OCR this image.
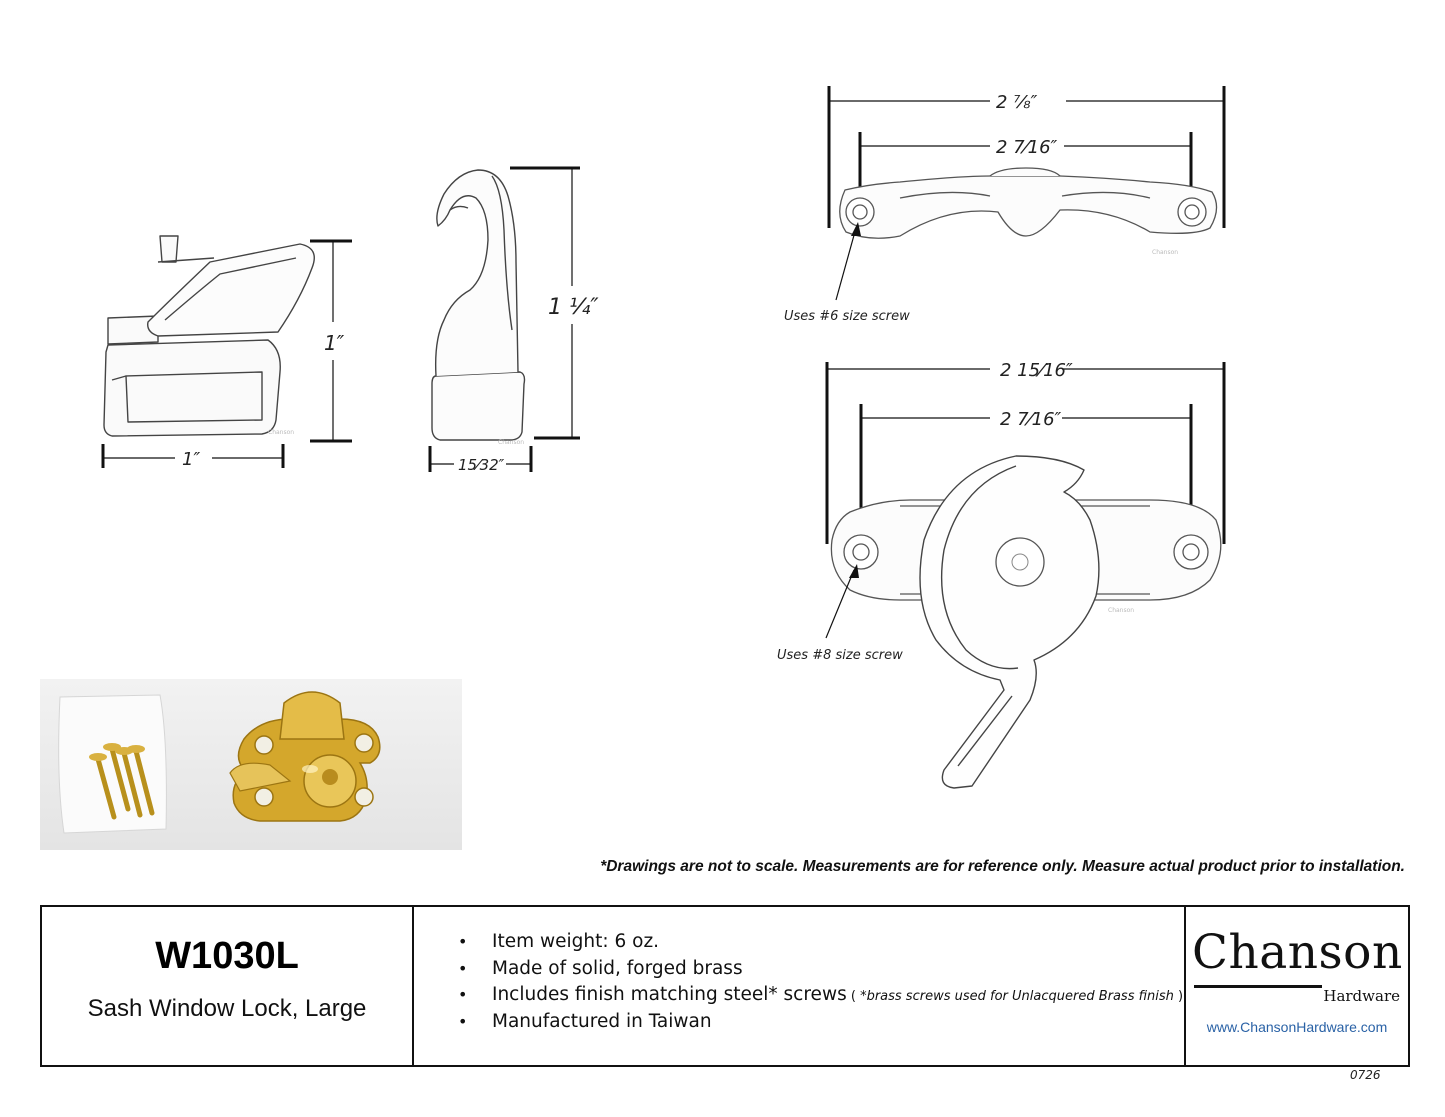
Chanson
1″
1″
Chanson
1 ¼″
15⁄32″
2 ⅞″
2 7⁄16″
Chanson
Uses #6 size screw
2 15⁄16″
2 7⁄16″
Chanson
Uses #8 size screw
*Drawings are not to scale. Measurements are for reference only. Measure actual product prior to installation.
W1030L
Sash Window Lock, Large
• Item weight: 6 oz.
• Made of solid, forged brass
• Includes finish matching steel* screws ( *brass screws used for Unlacquered Brass finish )
• Manufactured in Taiwan
Chanson
Hardware
www.ChansonHardware.com
0726
